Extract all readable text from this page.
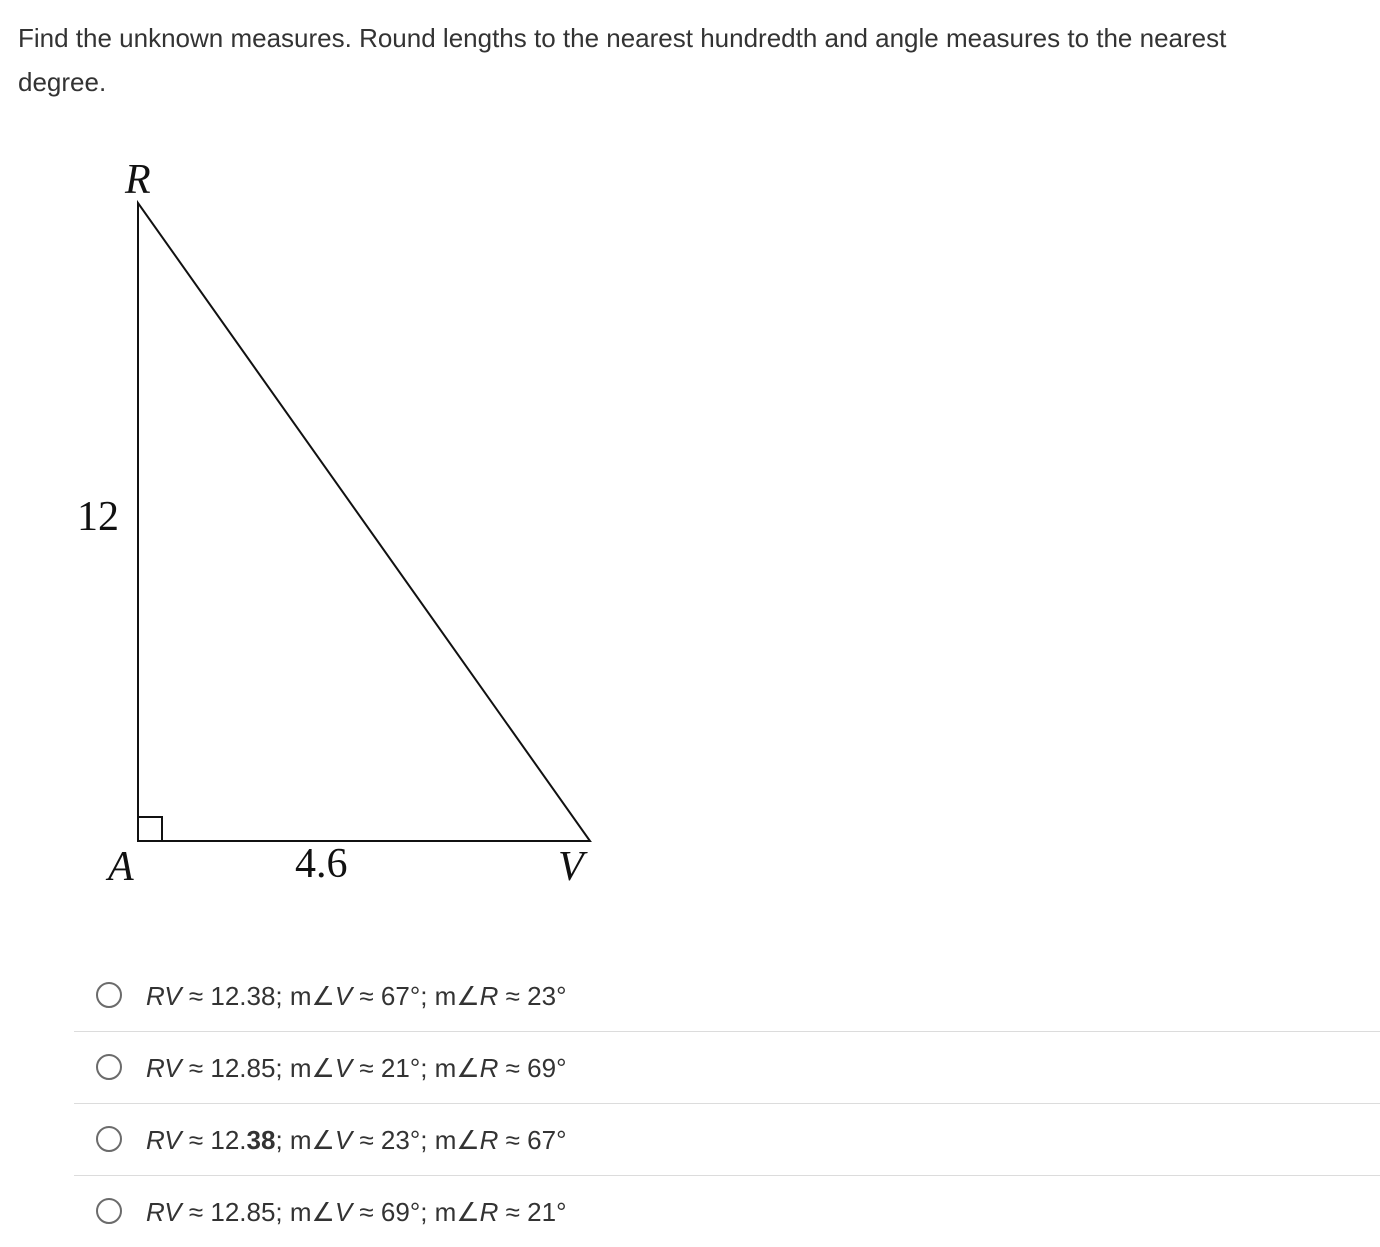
Find the unknown measures. Round lengths to the nearest hundredth and angle measures to the nearest
degree.
R
A	V
12
4.6
RV ≈ 12.38; m∠V ≈ 67°; m∠R ≈ 23°
RV ≈ 12.85; m∠V ≈ 21°; m∠R ≈ 69°
RV ≈ 12.38; m∠V ≈ 23°; m∠R ≈ 67°
RV ≈ 12.85; m∠V ≈ 69°; m∠R ≈ 21°
